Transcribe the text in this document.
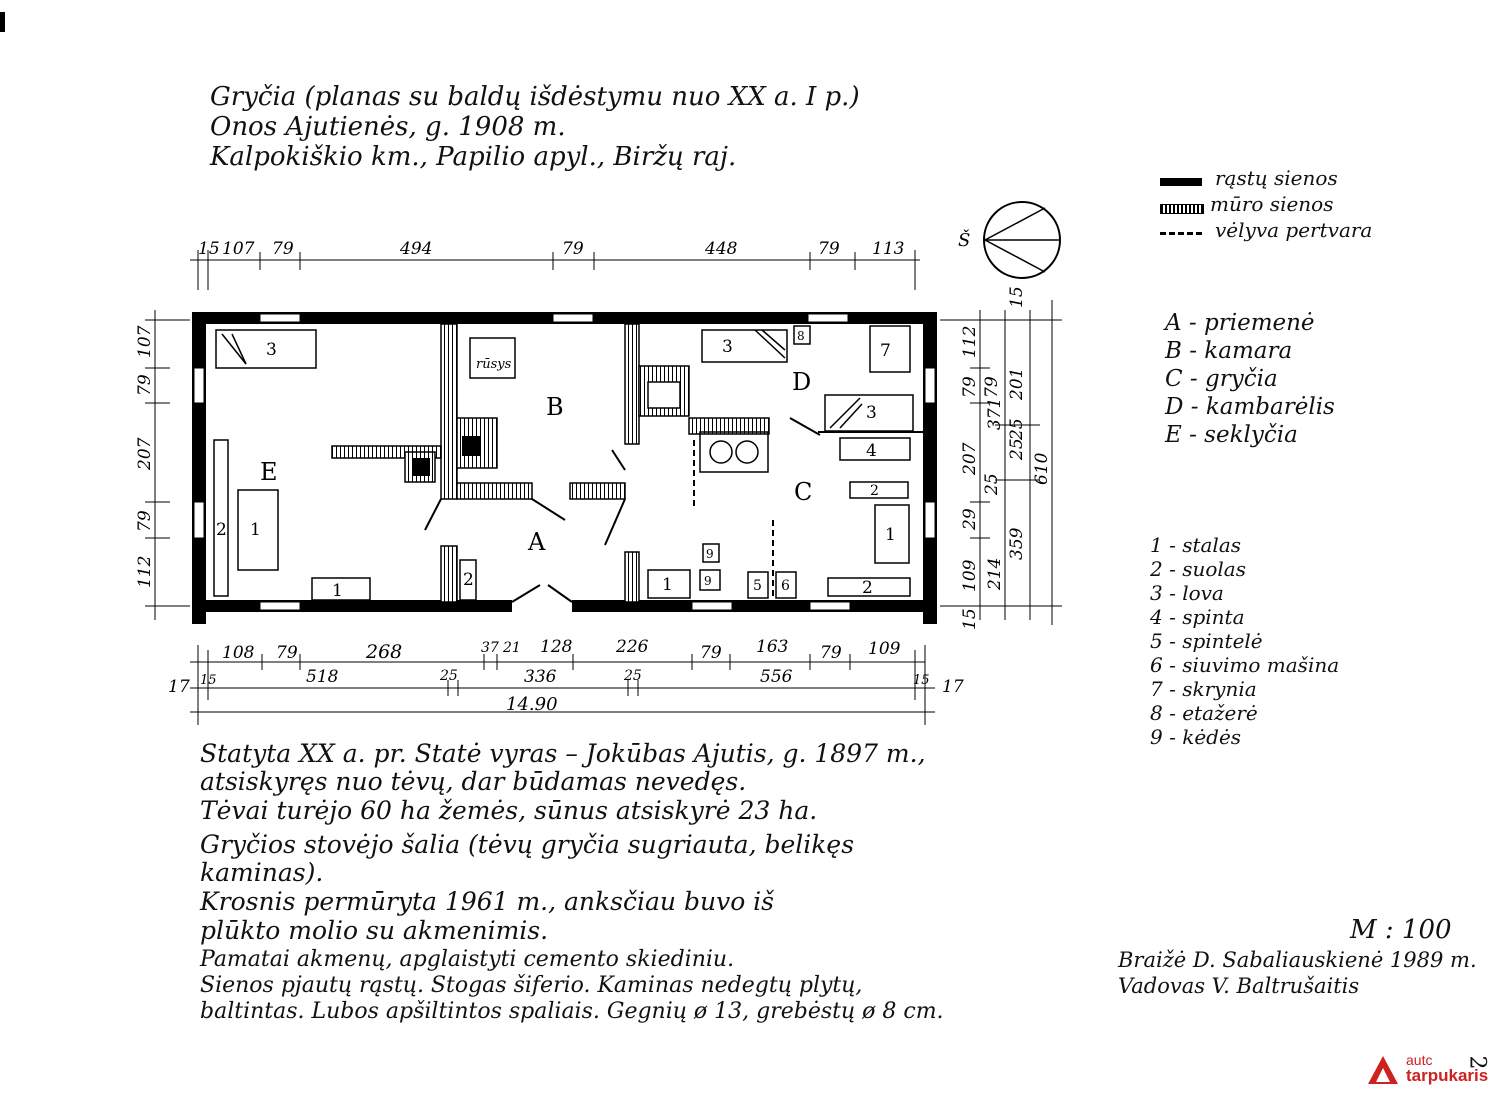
Gryčia (planas su baldų išdėstymu nuo XX a. I p.)
Onos Ajutienės, g. 1908 m.
Kalpokiškio km., Papilio apyl., Biržų raj.
rąstų sienos
mūro sienos
vėlyva pertvara
A - priemenė
B - kamara
C - gryčia
D - kambarėlis
E - seklyčia
1 - stalas
2 - suolas
3 - lova
4 - spinta
5 - spintelė
6 - siuvimo mašina
7 - skrynia
8 - etažerė
9 - kėdės
Š
15 107 79	494	79	448	79 113
107
79
207
79
112
112
79
207
29
25
79
109
15
371 25
214
201
25
359
610
15
3	3
3
8
7
4
2
1
9
9
1	5 6	2
1
2
2
1
rūsys
A
B
C
D
E
108 79	268	37 21 128	226	79 163 79 109
15	518	25	336	25	556	15
17	17
14.90
Statyta XX a. pr. Statė vyras – Jokūbas Ajutis, g. 1897 m.,
atsiskyręs nuo tėvų, dar būdamas nevedęs.
Tėvai turėjo 60 ha žemės, sūnus atsiskyrė 23 ha.
Gryčios stovėjo šalia (tėvų gryčia sugriauta, belikęs
kaminas).
Krosnis permūryta 1961 m., anksčiau buvo iš
plūkto molio su akmenimis.
Pamatai akmenų, apglaistyti cemento skiediniu.
Sienos pjautų rąstų. Stogas šiferio. Kaminas nedegtų plytų,
baltintas. Lubos apšiltintos spaliais. Gegnių ø 13, grebėstų ø 8 cm.
M : 100
Braižė D. Sabaliauskienė 1989 m.
Vadovas V. Baltrušaitis
autc
tarpukaris
2
